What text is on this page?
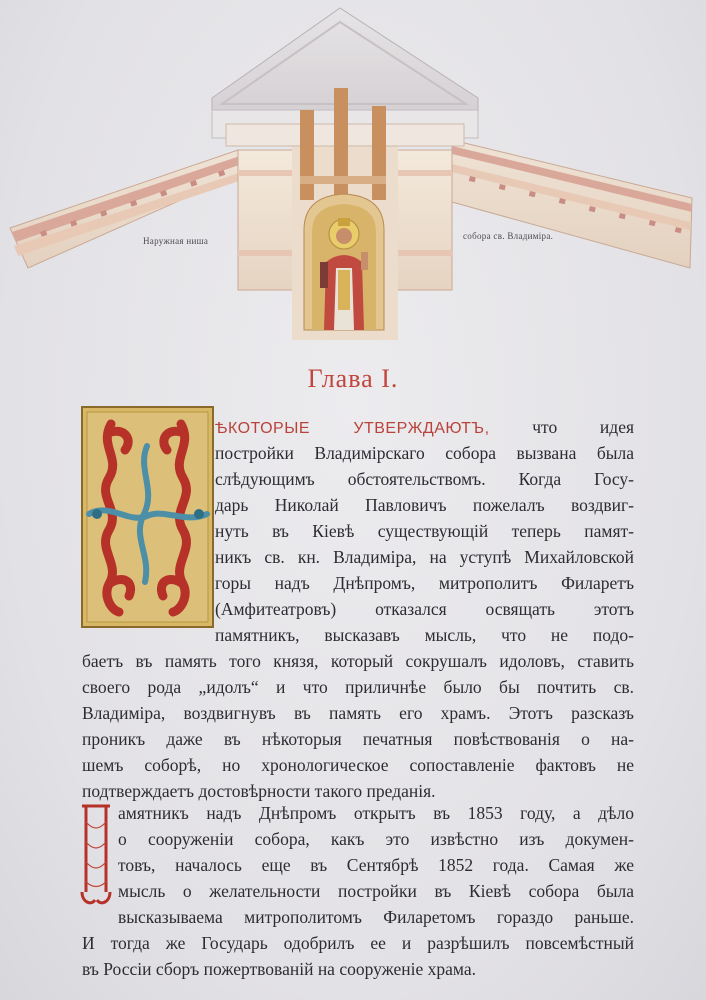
Наружная ниша	собора св. Владиміра.
Глава I.
ѢКОТОРЫЕ УТВЕРЖДАЮТЪ, что идея
постройки Владимірскаго собора вызвана была
слѣдующимъ обстоятельствомъ. Когда Госу-
дарь Николай Павловичъ пожелалъ воздвиг-
нуть въ Кіевѣ существующій теперь памят-
никъ св. кн. Владиміра, на уступѣ Михайловской
горы надъ Днѣпромъ, митрополитъ Филаретъ
(Амфитеатровъ) отказался освящать этотъ
памятникъ, высказавъ мысль, что не подо-
баетъ въ память того князя, который сокрушалъ идоловъ, ставить
своего рода „идолъ“ и что приличнѣе было бы почтить св.
Владиміра, воздвигнувъ въ память его храмъ. Этотъ разсказъ
проникъ даже въ нѣкоторыя печатныя повѣствованія о на-
шемъ соборѣ, но хронологическое сопоставленіе фактовъ не
подтверждаетъ достовѣрности такого преданія.
амятникъ надъ Днѣпромъ открытъ въ 1853 году, а дѣло
о сооруженіи собора, какъ это извѣстно изъ докумен-
товъ, началось еще въ Сентябрѣ 1852 года. Самая же
мысль о желательности постройки въ Кіевѣ собора была
высказываема митрополитомъ Филаретомъ гораздо раньше.
И тогда же Государь одобрилъ ее и разрѣшилъ повсемѣстный
въ Россіи сборъ пожертвованій на сооруженіе храма.
